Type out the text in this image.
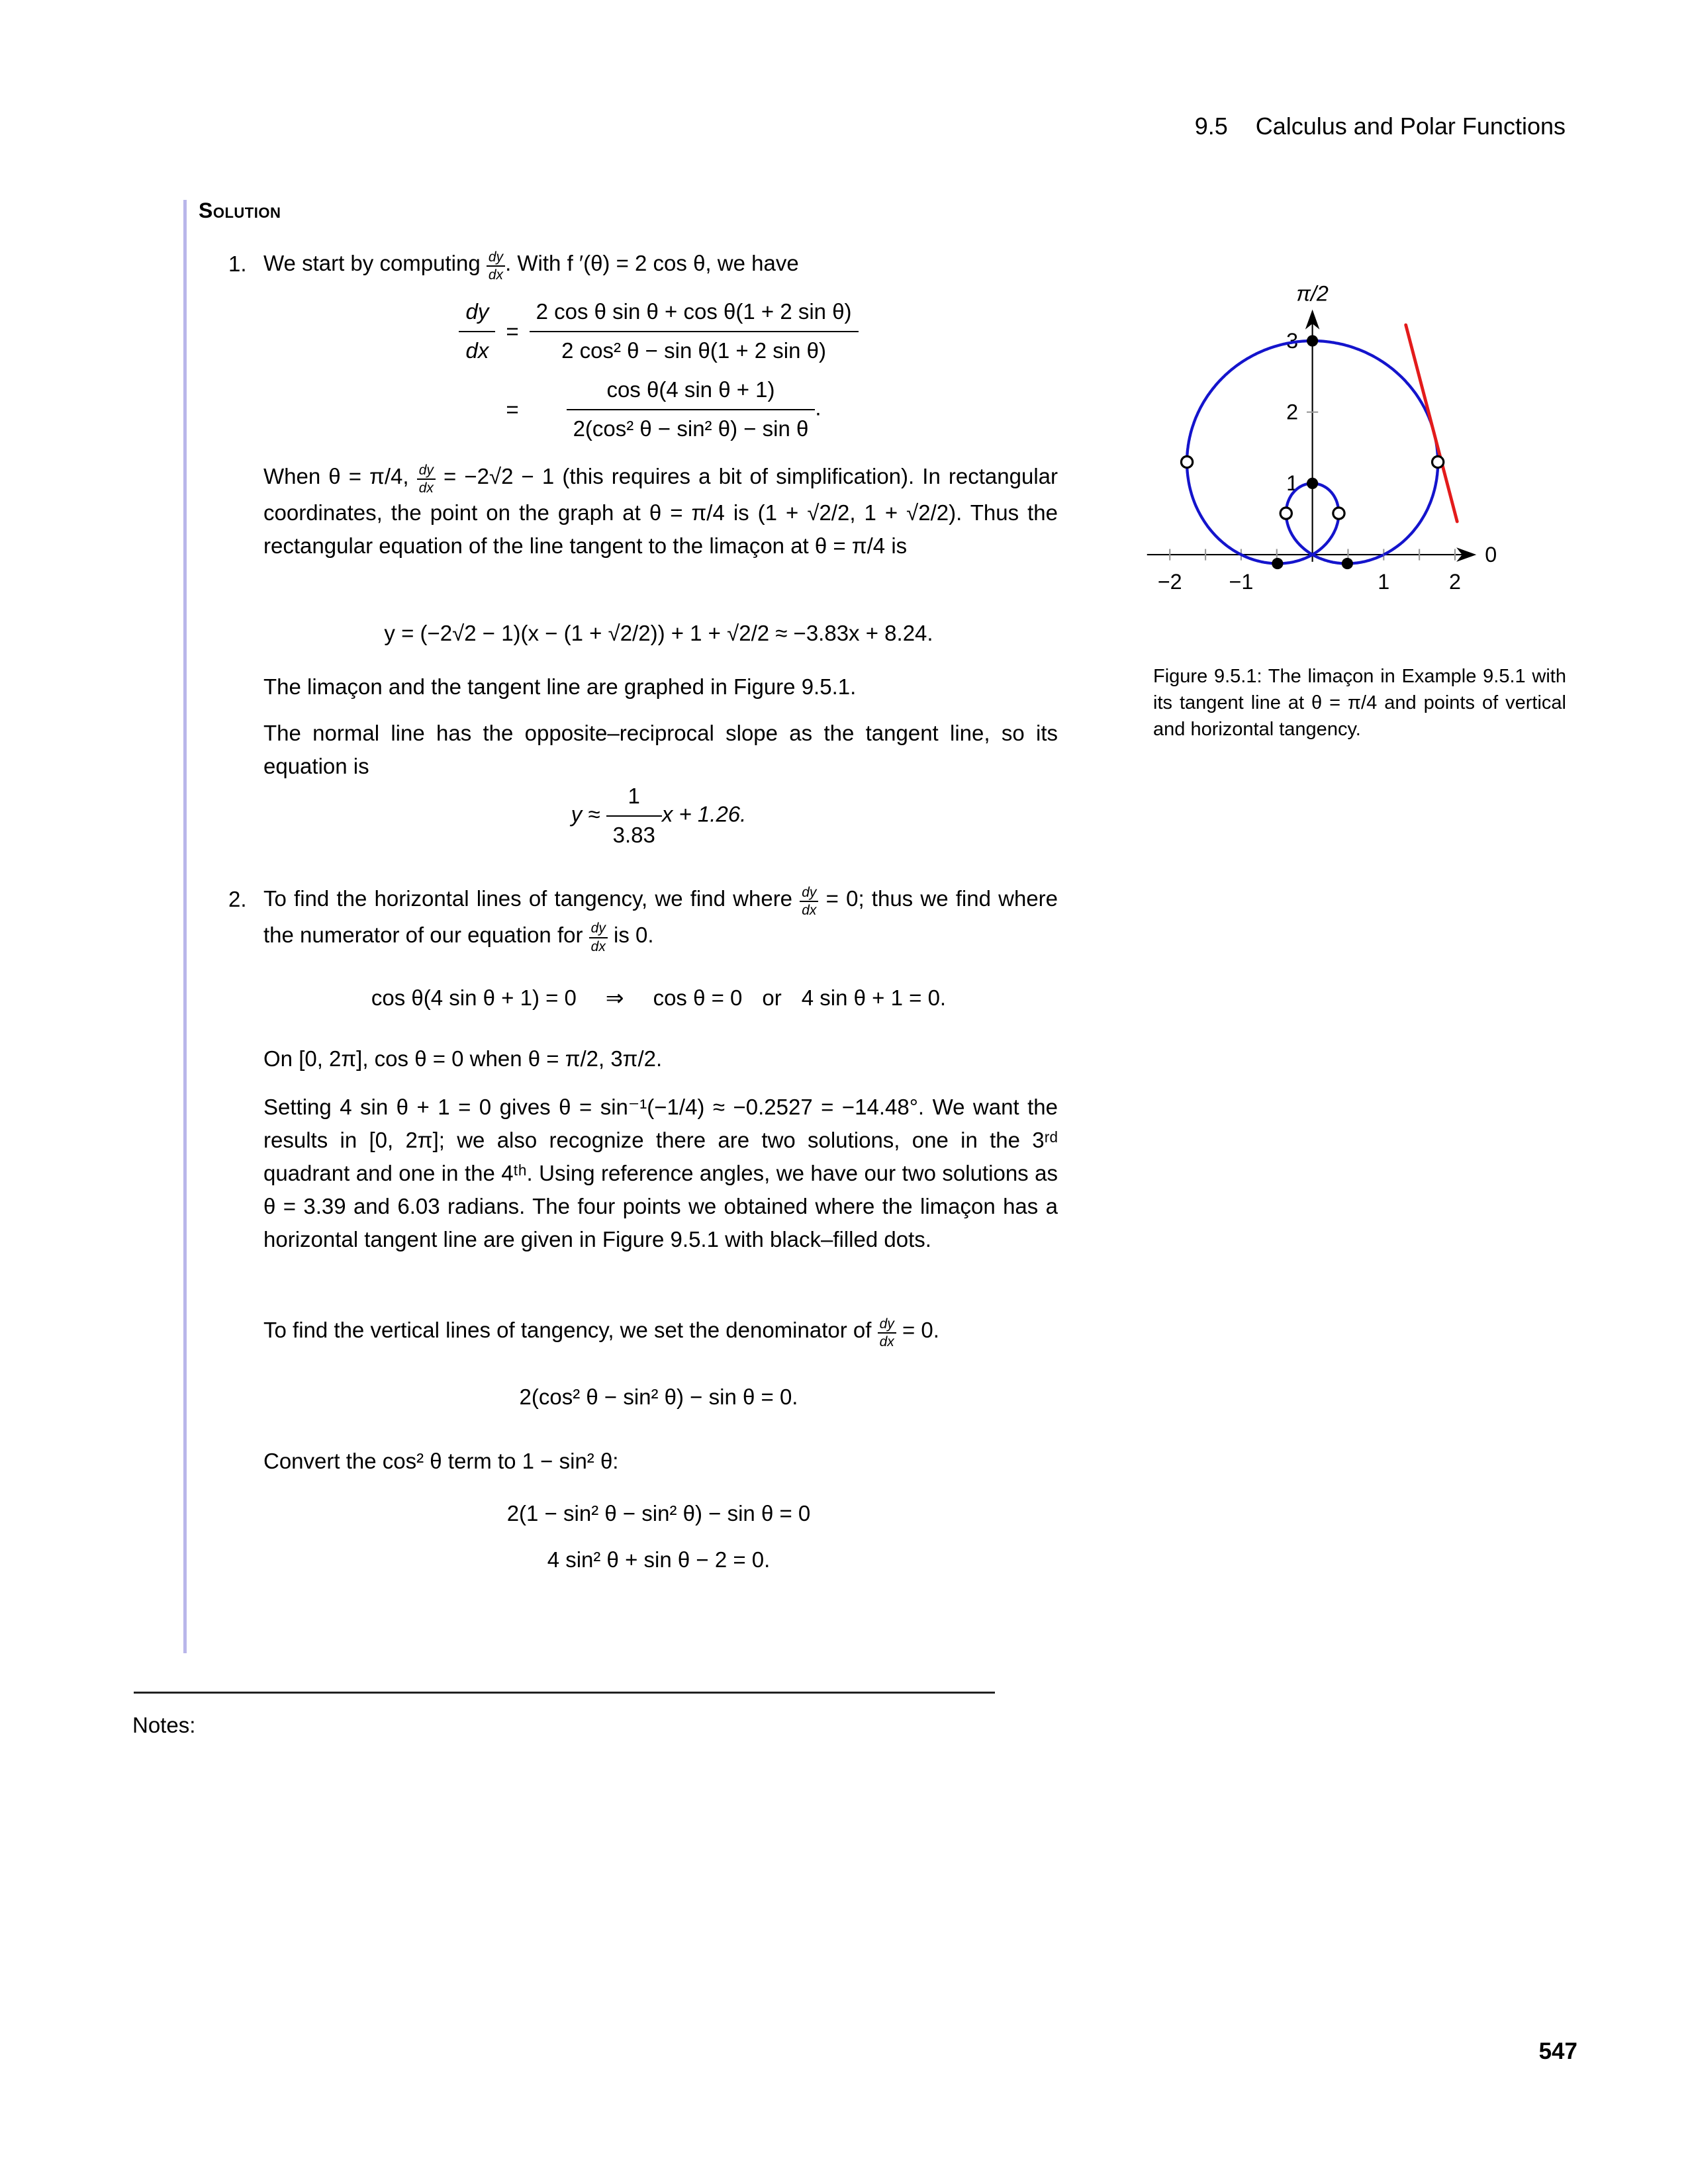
9.5 Calculus and Polar Functions
Solution
1. We start by computing $\frac{dy}{dx}$ . With f ′(θ) = 2 cos θ, we have
$\frac{dy}{dx} = \frac{\text{2 cos θ sin θ + cos θ(1 + 2 sin θ)}}{\text{2 cos² θ − sin θ(1 + 2 sin θ)}}$
=	$\frac{\text{cos θ(4 sin θ + 1)}}{\text{2(cos² θ − sin² θ) − sin θ}}$ .
When θ = π/4, $\frac{dy}{dx} = -2√2 - 1$ (this requires a bit of simplification). In rectangular coordinates, the point on the graph at θ = π/4 is (1 + √2/2, 1 + √2/2). Thus the rectangular equation of the line tangent to the limaçon at θ = π/4 is
y = (−2√2 − 1)(x − (1 + √2/2)) + 1 + √2/2 ≈ −3.83x + 8.24.
The limaçon and the tangent line are graphed in Figure 9.5.1.
The normal line has the opposite–reciprocal slope as the tangent line, so its equation is
$y \approx \frac{1}{3.83}$ x + 1.26.
2. To find the horizontal lines of tangency, we find where $\frac{dy}{dx} = 0$; thus we find where the numerator of our equation for $\frac{dy}{dx}$ is 0.
cos θ(4 sin θ + 1) = 0 ⇒ cos θ = 0 or 4 sin θ + 1 = 0.
On [0, 2π], cos θ = 0 when θ = π/2, 3π/2.
Setting 4 sin θ + 1 = 0 gives θ = sin⁻¹(−1/4) ≈ −0.2527 = −14.48°. We want the results in [0, 2π]; we also recognize there are two solutions, one in the 3ʳᵈ quadrant and one in the 4ᵗʰ. Using reference angles, we have our two solutions as θ = 3.39 and 6.03 radians. The four points we obtained where the limaçon has a horizontal tangent line are given in Figure 9.5.1 with black–filled dots.
To find the vertical lines of tangency, we set the denominator of $\frac{dy}{dx} = 0$.
2(cos² θ − sin² θ) − sin θ = 0.
Convert the cos² θ term to 1 − sin² θ:
2(1 − sin² θ − sin² θ) − sin θ = 0
4 sin² θ + sin θ − 2 = 0.
−2 −1	1	2
1
2
3
π/2
0
Figure 9.5.1: The limaçon in Example 9.5.1 with its tangent line at θ = π/4 and points of vertical and horizontal tangency.
Notes:
547
